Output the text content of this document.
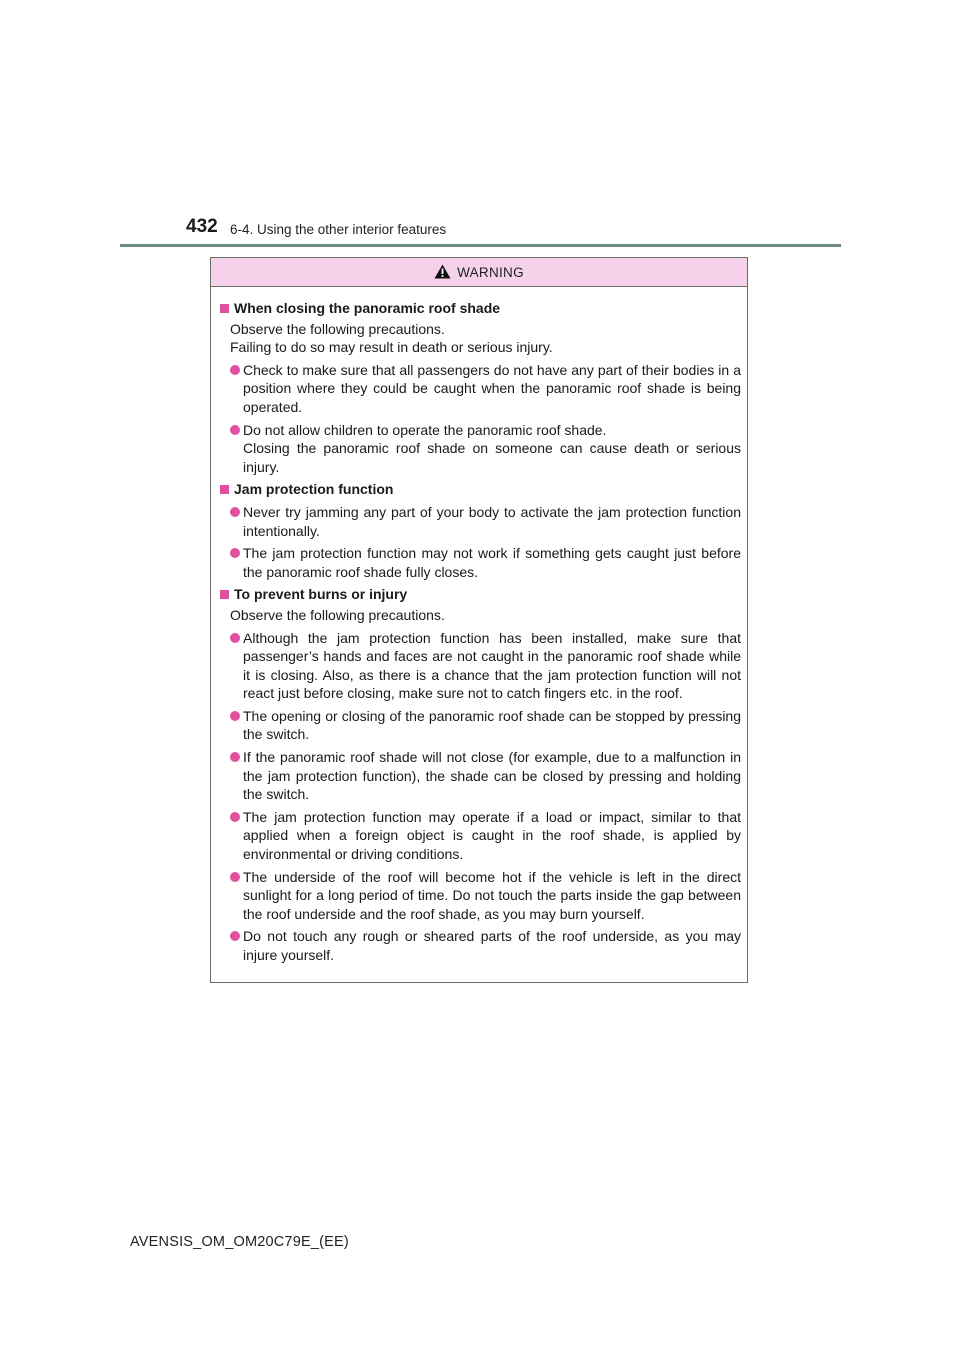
432 6-4. Using the other interior features
WARNING
When closing the panoramic roof shade
Observe the following precautions.
Failing to do so may result in death or serious injury.
Check to make sure that all passengers do not have any part of their bodies in a position where they could be caught when the panoramic roof shade is being operated.
Do not allow children to operate the panoramic roof shade.
Closing the panoramic roof shade on someone can cause death or serious injury.
Jam protection function
Never try jamming any part of your body to activate the jam protection function intentionally.
The jam protection function may not work if something gets caught just before the panoramic roof shade fully closes.
To prevent burns or injury
Observe the following precautions.
Although the jam protection function has been installed, make sure that passenger’s hands and faces are not caught in the panoramic roof shade while it is closing. Also, as there is a chance that the jam protection function will not react just before closing, make sure not to catch fingers etc. in the roof.
The opening or closing of the panoramic roof shade can be stopped by pressing the switch.
If the panoramic roof shade will not close (for example, due to a malfunction in the jam protection function), the shade can be closed by pressing and holding the switch.
The jam protection function may operate if a load or impact, similar to that applied when a foreign object is caught in the roof shade, is applied by environmental or driving conditions.
The underside of the roof will become hot if the vehicle is left in the direct sunlight for a long period of time. Do not touch the parts inside the gap between the roof underside and the roof shade, as you may burn yourself.
Do not touch any rough or sheared parts of the roof underside, as you may injure yourself.
AVENSIS_OM_OM20C79E_(EE)
